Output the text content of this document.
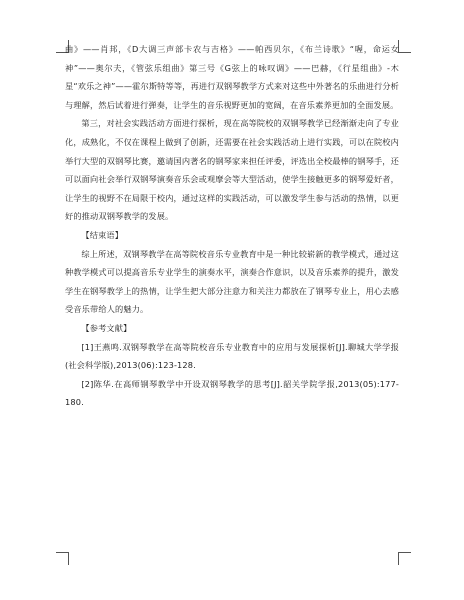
曲》——肖邦，《D大调三声部卡农与吉格》——帕西贝尔，《布兰诗歌》“喔，命运女神”——奥尔夫，《管弦乐组曲》第三号《G弦上的咏叹调》——巴赫，《行星组曲》-木星“欢乐之神”——霍尔斯特等等，再进行双钢琴教学方式来对这些中外著名的乐曲进行分析与理解，然后试着进行弹奏，让学生的音乐视野更加的宽阔，在音乐素养更加的全面发展。

第三，对社会实践活动方面进行探析，现在高等院校的双钢琴教学已经渐渐走向了专业化，成熟化，不仅在课程上做到了创新，还需要在社会实践活动上进行实践，可以在院校内举行大型的双钢琴比赛，邀请国内著名的钢琴家来担任评委，评选出全校最棒的钢琴手，还可以面向社会举行双钢琴演奏音乐会或观摩会等大型活动，使学生接触更多的钢琴爱好者，让学生的视野不在局限于校内，通过这样的实践活动，可以激发学生参与活动的热情，以更好的推动双钢琴教学的发展。

【结束语】

综上所述，双钢琴教学在高等院校音乐专业教育中是一种比较崭新的教学模式，通过这种教学模式可以提高音乐专业学生的演奏水平，演奏合作意识，以及音乐素养的提升，激发学生在钢琴教学上的热情，让学生把大部分注意力和关注力都放在了钢琴专业上，用心去感受音乐带给人的魅力。

【参考文献】

[1]王燕鸣.双钢琴教学在高等院校音乐专业教育中的应用与发展探析[J].聊城大学学报(社会科学版),2013(06):123-128.

[2]陈华.在高师钢琴教学中开设双钢琴教学的思考[J].韶关学院学报,2013(05):177-180.
